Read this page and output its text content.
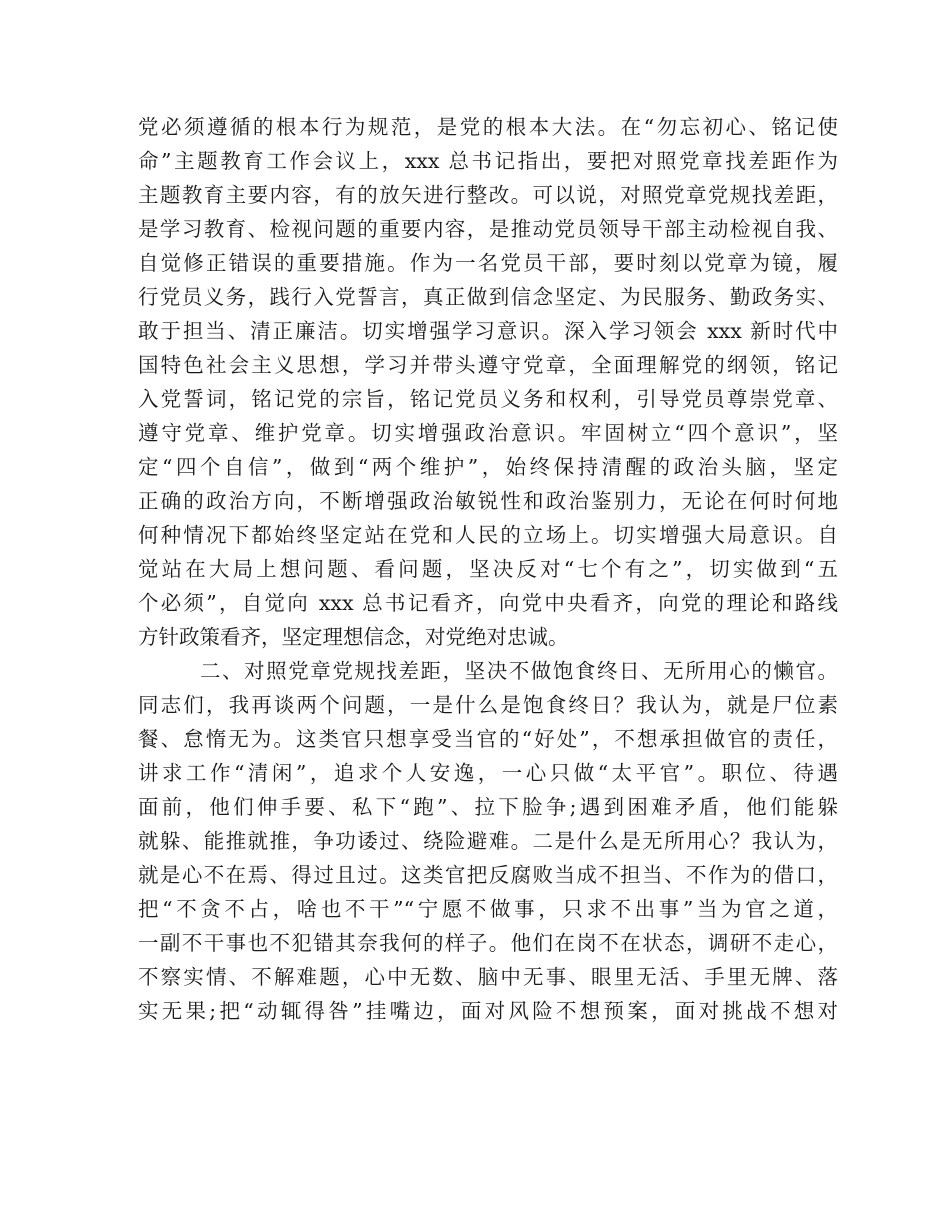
党必须遵循的根本行为规范，是党的根本大法。在“勿忘初心、铭记使
命”主题教育工作会议上，xxx 总书记指出，要把对照党章找差距作为
主题教育主要内容，有的放矢进行整改。可以说，对照党章党规找差距，
是学习教育、检视问题的重要内容，是推动党员领导干部主动检视自我、
自觉修正错误的重要措施。作为一名党员干部，要时刻以党章为镜，履
行党员义务，践行入党誓言，真正做到信念坚定、为民服务、勤政务实、
敢于担当、清正廉洁。切实增强学习意识。深入学习领会 xxx 新时代中
国特色社会主义思想，学习并带头遵守党章，全面理解党的纲领，铭记
入党誓词，铭记党的宗旨，铭记党员义务和权利，引导党员尊崇党章、
遵守党章、维护党章。切实增强政治意识。牢固树立“四个意识”，坚
定“四个自信”，做到“两个维护”，始终保持清醒的政治头脑，坚定
正确的政治方向，不断增强政治敏锐性和政治鉴别力，无论在何时何地
何种情况下都始终坚定站在党和人民的立场上。切实增强大局意识。自
觉站在大局上想问题、看问题，坚决反对“七个有之”，切实做到“五
个必须”，自觉向 xxx 总书记看齐，向党中央看齐，向党的理论和路线
方针政策看齐，坚定理想信念，对党绝对忠诚。
二、对照党章党规找差距，坚决不做饱食终日、无所用心的懒官。
同志们，我再谈两个问题，一是什么是饱食终日？我认为，就是尸位素
餐、怠惰无为。这类官只想享受当官的“好处”，不想承担做官的责任，
讲求工作“清闲”，追求个人安逸，一心只做“太平官”。职位、待遇
面前，他们伸手要、私下“跑”、拉下脸争;遇到困难矛盾，他们能躲
就躲、能推就推，争功诿过、绕险避难。二是什么是无所用心？我认为，
就是心不在焉、得过且过。这类官把反腐败当成不担当、不作为的借口，
把“不贪不占，啥也不干”“宁愿不做事，只求不出事”当为官之道，
一副不干事也不犯错其奈我何的样子。他们在岗不在状态，调研不走心，
不察实情、不解难题，心中无数、脑中无事、眼里无活、手里无牌、落
实无果;把“动辄得咎”挂嘴边，面对风险不想预案，面对挑战不想对
